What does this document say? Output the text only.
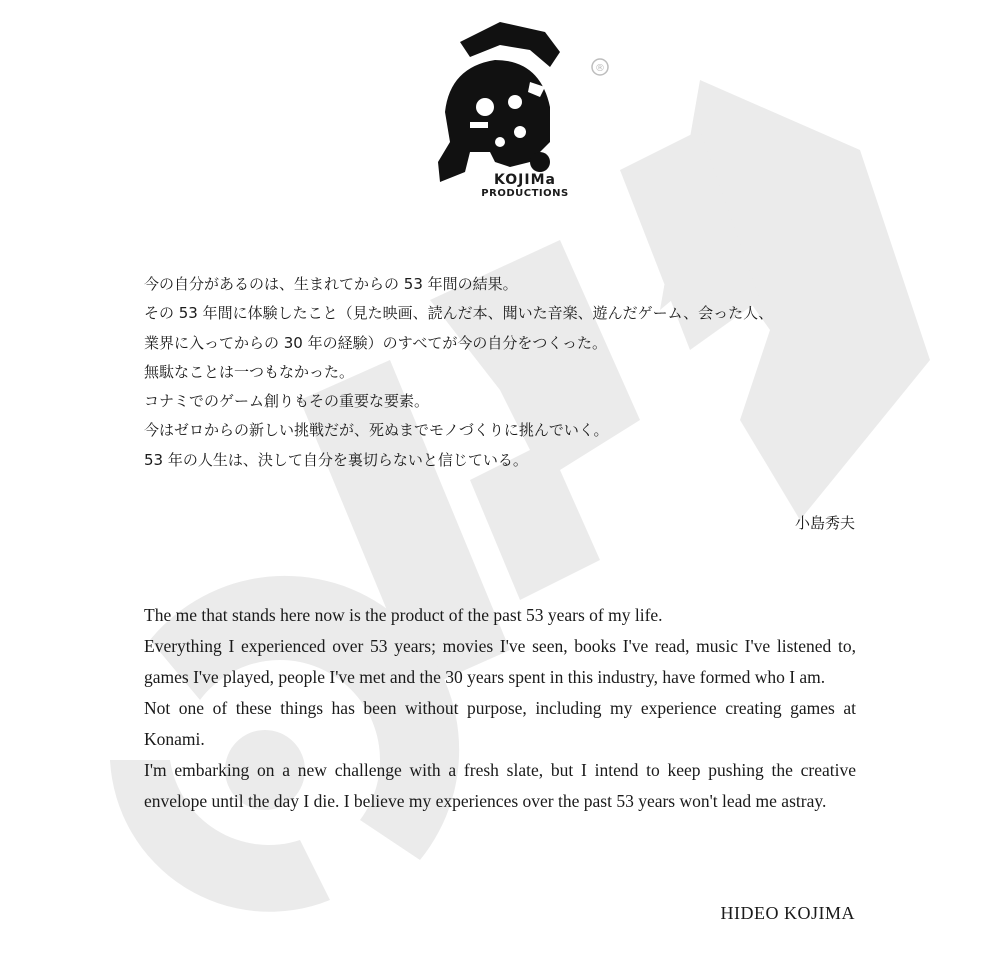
®
KOJIMa
PRODUCTIONS
今の自分があるのは、生まれてからの 53 年間の結果。
その 53 年間に体験したこと（見た映画、読んだ本、聞いた音楽、遊んだゲーム、会った人、
業界に入ってからの 30 年の経験）のすべてが今の自分をつくった。
無駄なことは一つもなかった。
コナミでのゲーム創りもその重要な要素。
今はゼロからの新しい挑戦だが、死ぬまでモノづくりに挑んでいく。
53 年の人生は、決して自分を裏切らないと信じている。
小島秀夫

The me that stands here now is the product of the past 53 years of my life.

Everything I experienced over 53 years; movies I've seen, books I've read, music I've listened to, games I've played, people I've met and the 30 years spent in this industry, have formed who I am.

Not one of these things has been without purpose, including my experience creating games at Konami.

I'm embarking on a new challenge with a fresh slate, but I intend to keep pushing the creative envelope until the day I die. I believe my experiences over the past 53 years won't lead me astray.

HIDEO KOJIMA
